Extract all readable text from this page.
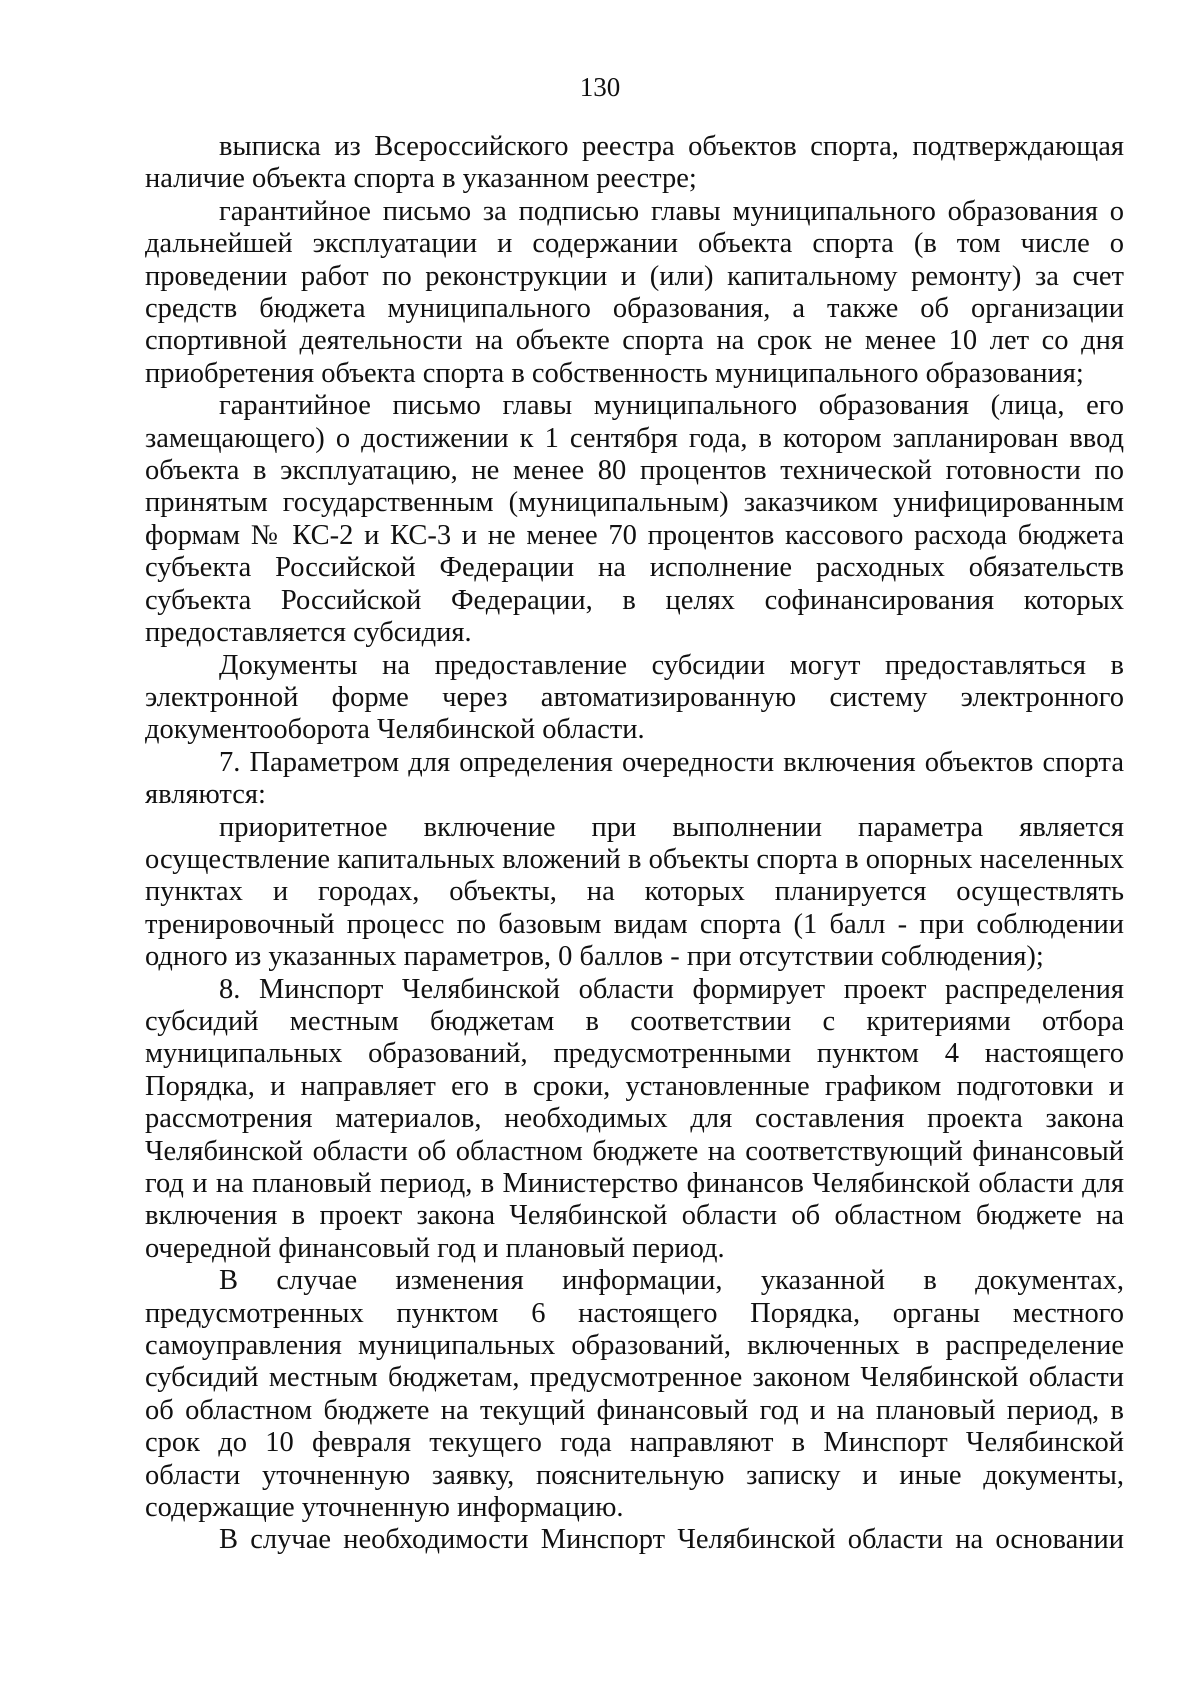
130

выписка из Всероссийского реестра объектов спорта, подтверждающая наличие объекта спорта в указанном реестре;

гарантийное письмо за подписью главы муниципального образования о дальнейшей эксплуатации и содержании объекта спорта (в том числе о проведении работ по реконструкции и (или) капитальному ремонту) за счет средств бюджета муниципального образования, а также об организации спортивной деятельности на объекте спорта на срок не менее 10 лет со дня приобретения объекта спорта в собственность муниципального образования;

гарантийное письмо главы муниципального образования (лица, его замещающего) о достижении к 1 сентября года, в котором запланирован ввод объекта в эксплуатацию, не менее 80 процентов технической готовности по принятым государственным (муниципальным) заказчиком унифицированным формам № КС-2 и КС-3 и не менее 70 процентов кассового расхода бюджета субъекта Российской Федерации на исполнение расходных обязательств субъекта Российской Федерации, в целях софинансирования которых предоставляется субсидия.

Документы на предоставление субсидии могут предоставляться в электронной форме через автоматизированную систему электронного документооборота Челябинской области.

7. Параметром для определения очередности включения объектов спорта являются:

приоритетное включение при выполнении параметра является осуществление капитальных вложений в объекты спорта в опорных населенных пунктах и городах, объекты, на которых планируется осуществлять тренировочный процесс по базовым видам спорта (1 балл - при соблюдении одного из указанных параметров, 0 баллов - при отсутствии соблюдения);

8. Минспорт Челябинской области формирует проект распределения субсидий местным бюджетам в соответствии с критериями отбора муниципальных образований, предусмотренными пунктом 4 настоящего Порядка, и направляет его в сроки, установленные графиком подготовки и рассмотрения материалов, необходимых для составления проекта закона Челябинской области об областном бюджете на соответствующий финансовый год и на плановый период, в Министерство финансов Челябинской области для включения в проект закона Челябинской области об областном бюджете на очередной финансовый год и плановый период.

В случае изменения информации, указанной в документах, предусмотренных пунктом 6 настоящего Порядка, органы местного самоуправления муниципальных образований, включенных в распределение субсидий местным бюджетам, предусмотренное законом Челябинской области об областном бюджете на текущий финансовый год и на плановый период, в срок до 10 февраля текущего года направляют в Минспорт Челябинской области уточненную заявку, пояснительную записку и иные документы, содержащие уточненную информацию.

В случае необходимости Минспорт Челябинской области на основании
